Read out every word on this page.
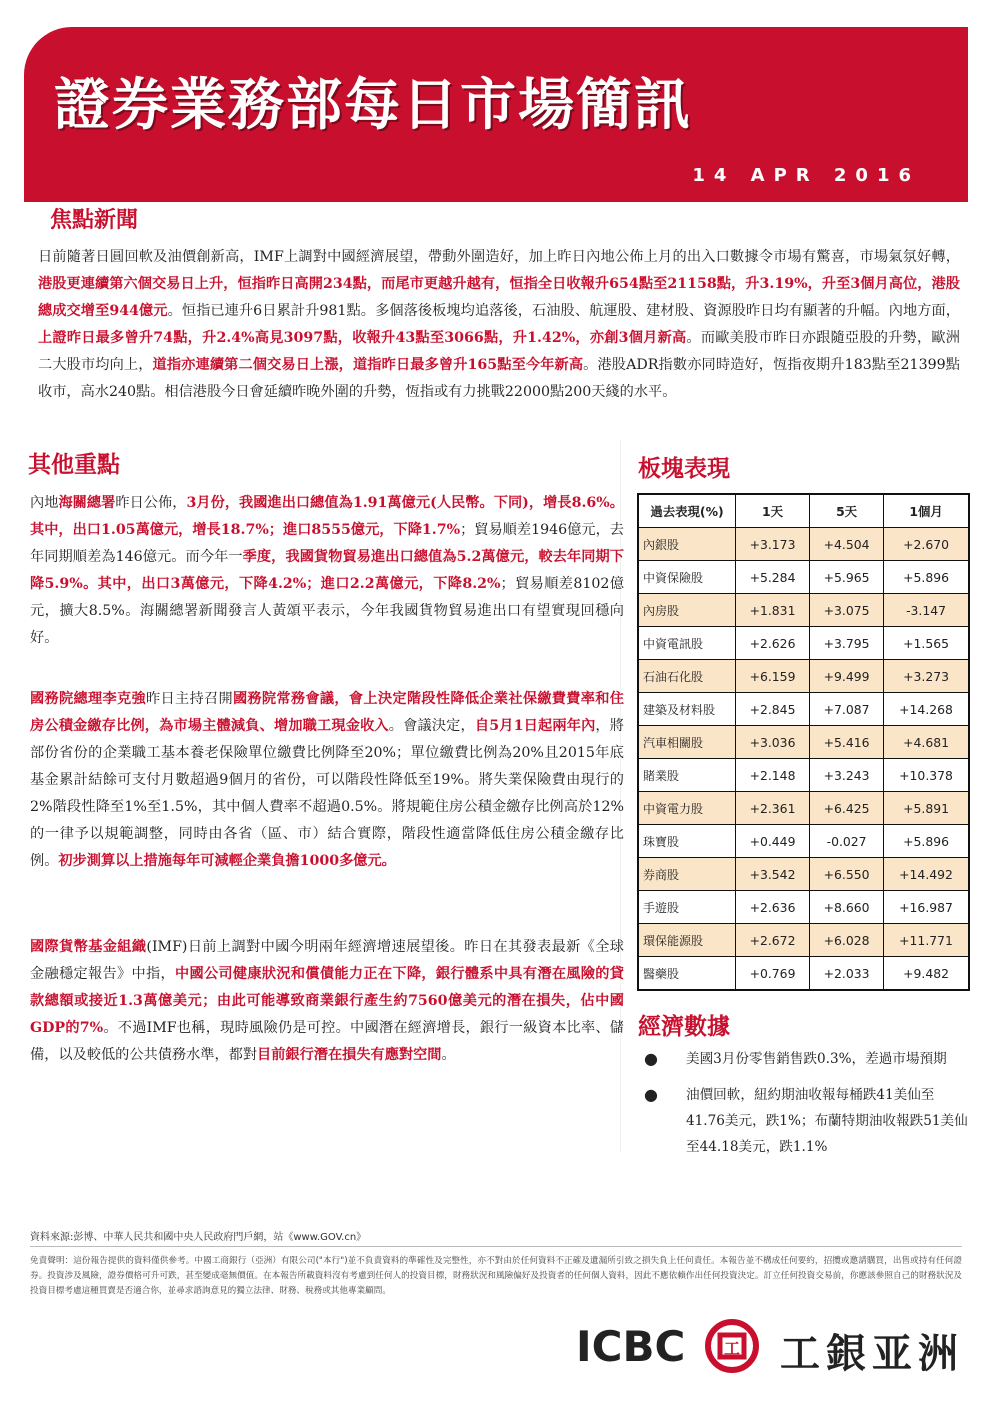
證券業務部每日市場簡訊
14 APR 2016
焦點新聞
日前隨著日圓回軟及油價創新高，IMF上調對中國經濟展望，帶動外圍造好，加上昨日內地公佈上月的出入口數據令市場有驚喜，市場氣氛好轉，港股更連續第六個交易日上升，恒指昨日高開234點，而尾市更越升越有，恒指全日收報升654點至21158點，升3.19%，升至3個月高位，港股總成交增至944億元。恒指已連升6日累計升981點。多個落後板塊均追落後，石油股、航運股、建材股、資源股昨日均有顯著的升幅。內地方面，上證昨日最多曾升74點，升2.4%高見3097點，收報升43點至3066點，升1.42%，亦創3個月新高。而歐美股市昨日亦跟隨亞股的升勢，歐洲二大股市均向上，道指亦連續第二個交易日上漲，道指昨日最多曾升165點至今年新高。港股ADR指數亦同時造好，恆指夜期升183點至21399點收市，高水240點。相信港股今日會延續昨晚外圍的升勢，恆指或有力挑戰22000點200天綫的水平。
其他重點
內地海關總署昨日公佈，3月份，我國進出口總值為1.91萬億元(人民幣。下同)，增長8.6%。其中，出口1.05萬億元，增長18.7%；進口8555億元，下降1.7%；貿易順差1946億元，去年同期順差為146億元。而今年一季度，我國貨物貿易進出口總值為5.2萬億元，較去年同期下降5.9%。其中，出口3萬億元，下降4.2%；進口2.2萬億元，下降8.2%；貿易順差8102億元，擴大8.5%。海關總署新聞發言人黃頌平表示，今年我國貨物貿易進出口有望實現回穩向好。
國務院總理李克強昨日主持召開國務院常務會議，會上決定階段性降低企業社保繳費費率和住房公積金繳存比例，為市場主體減負、增加職工現金收入。會議決定，自5月1日起兩年內，將部份省份的企業職工基本養老保險單位繳費比例降至20%；單位繳費比例為20%且2015年底基金累計結餘可支付月數超過9個月的省份，可以階段性降低至19%。將失業保險費由現行的2%階段性降至1%至1.5%，其中個人費率不超過0.5%。將規範住房公積金繳存比例高於12%的一律予以規範調整，同時由各省（區、市）結合實際，階段性適當降低住房公積金繳存比例。初步測算以上措施每年可減輕企業負擔1000多億元。
國際貨幣基金組織(IMF)日前上調對中國今明兩年經濟增速展望後。昨日在其發表最新《全球金融穩定報告》中指，中國公司健康狀況和償債能力正在下降，銀行體系中具有潛在風險的貸款總額或接近1.3萬億美元；由此可能導致商業銀行產生約7560億美元的潛在損失，佔中國GDP的7%。不過IMF也稱，現時風險仍是可控。中國潛在經濟增長，銀行一級資本比率、儲備，以及較低的公共債務水準，都對目前銀行潛在損失有應對空間。
板塊表現
過去表現(%)	1天	5天	1個月
內銀股	+3.173	+4.504	+2.670
中資保險股	+5.284	+5.965	+5.896
內房股	+1.831	+3.075	-3.147
中資電訊股	+2.626	+3.795	+1.565
石油石化股	+6.159	+9.499	+3.273
建築及材料股	+2.845	+7.087	+14.268
汽車相關股	+3.036	+5.416	+4.681
賭業股	+2.148	+3.243	+10.378
中資電力股	+2.361	+6.425	+5.891
珠寶股	+0.449	-0.027	+5.896
券商股	+3.542	+6.550	+14.492
手遊股	+2.636	+8.660	+16.987
環保能源股	+2.672	+6.028	+11.771
醫藥股	+0.769	+2.033	+9.482
經濟數據
● 美國3月份零售銷售跌0.3%，差過市場預期
● 油價回軟，紐約期油收報每桶跌41美仙至41.76美元，跌1%；布蘭特期油收報跌51美仙至44.18美元，跌1.1%
資料來源:彭博、中華人民共和國中央人民政府門戶網，站《www.GOV.cn》
免責聲明：這份報告提供的資料僅供參考。中國工商銀行（亞洲）有限公司("本行")並不負責資料的準確性及完整性，亦不對由於任何資料不正確及遺漏所引致之損失負上任何責任。本報告並不構成任何要約，招攬或邀請購買，出售或持有任何證券。投資涉及風險，證券價格可升可跌，甚至變成毫無價值。在本報告所載資料沒有考慮到任何人的投資目標，財務狀況和風險偏好及投資者的任何個人資料，因此不應依賴作出任何投資決定。訂立任何投資交易前，你應該參照自己的財務狀況及投資目標考慮這種買賣是否適合你，並尋求諮詢意見的獨立法律、財務、稅務或其他專業顧問。
ICBC 工 工銀亚洲
